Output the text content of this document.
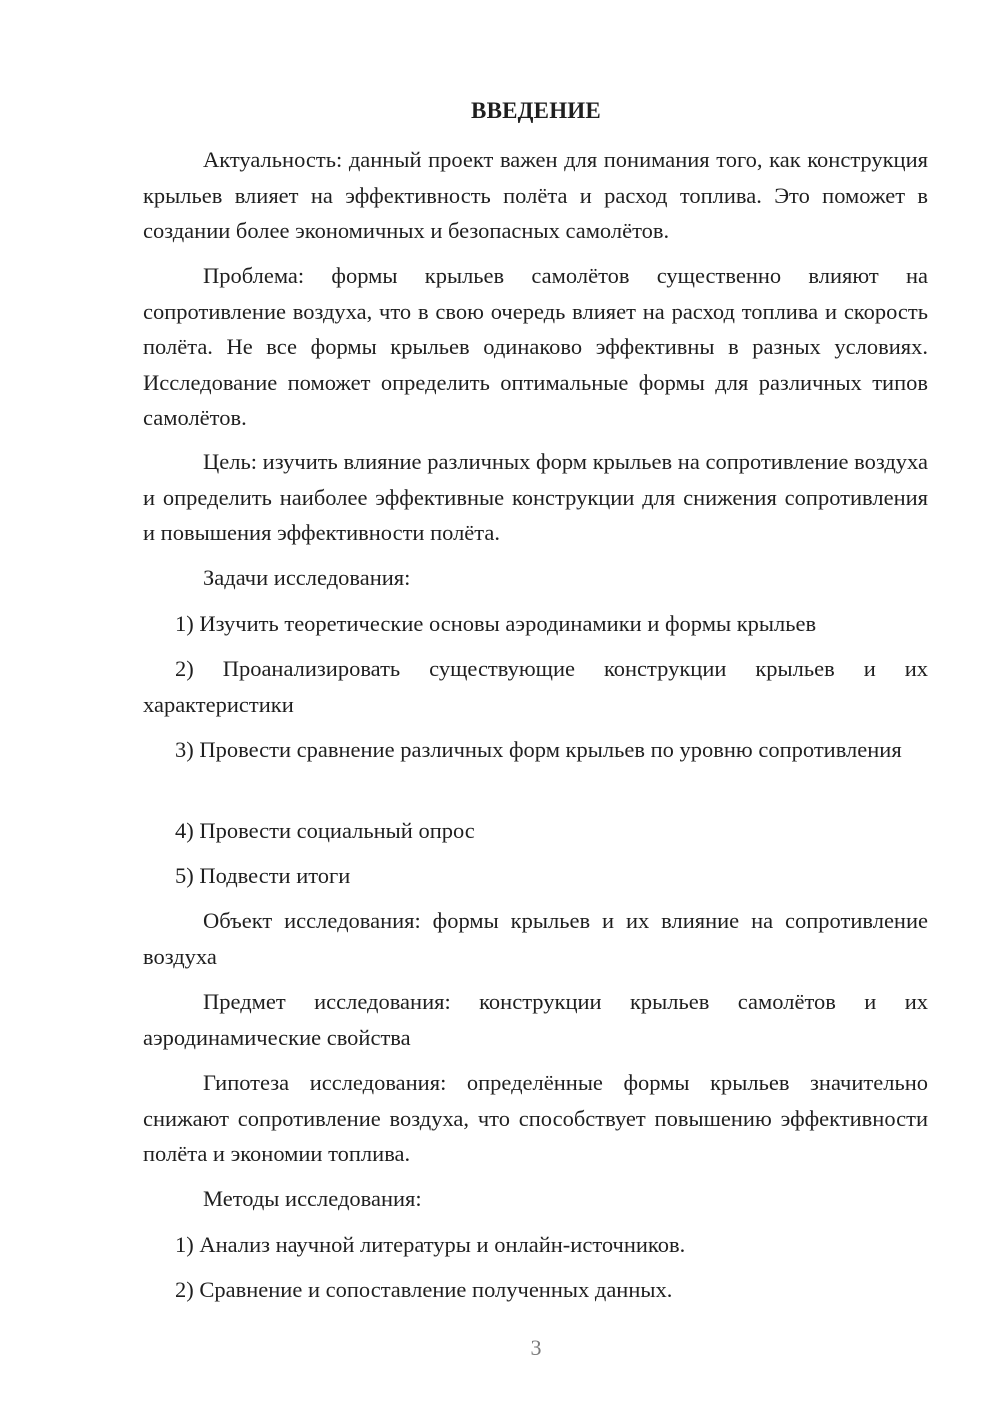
ВВЕДЕНИЕ

Актуальность: данный проект важен для понимания того, как конструкция крыльев влияет на эффективность полёта и расход топлива. Это поможет в создании более экономичных и безопасных самолётов.

Проблема: формы крыльев самолётов существенно влияют на сопротивление воздуха, что в свою очередь влияет на расход топлива и скорость полёта. Не все формы крыльев одинаково эффективны в разных условиях. Исследование поможет определить оптимальные формы для различных типов самолётов.

Цель: изучить влияние различных форм крыльев на сопротивление воздуха и определить наиболее эффективные конструкции для снижения сопротивления и повышения эффективности полёта.

Задачи исследования:

1) Изучить теоретические основы аэродинамики и формы крыльев

2) Проанализировать существующие конструкции крыльев и их характеристики

3) Провести сравнение различных форм крыльев по уровню сопротивления

4) Провести социальный опрос

5) Подвести итоги

Объект исследования: формы крыльев и их влияние на сопротивление воздуха

Предмет исследования: конструкции крыльев самолётов и их аэродинамические свойства

Гипотеза исследования: определённые формы крыльев значительно снижают сопротивление воздуха, что способствует повышению эффективности полёта и экономии топлива.

Методы исследования:

1) Анализ научной литературы и онлайн-источников.

2) Сравнение и сопоставление полученных данных.

3
